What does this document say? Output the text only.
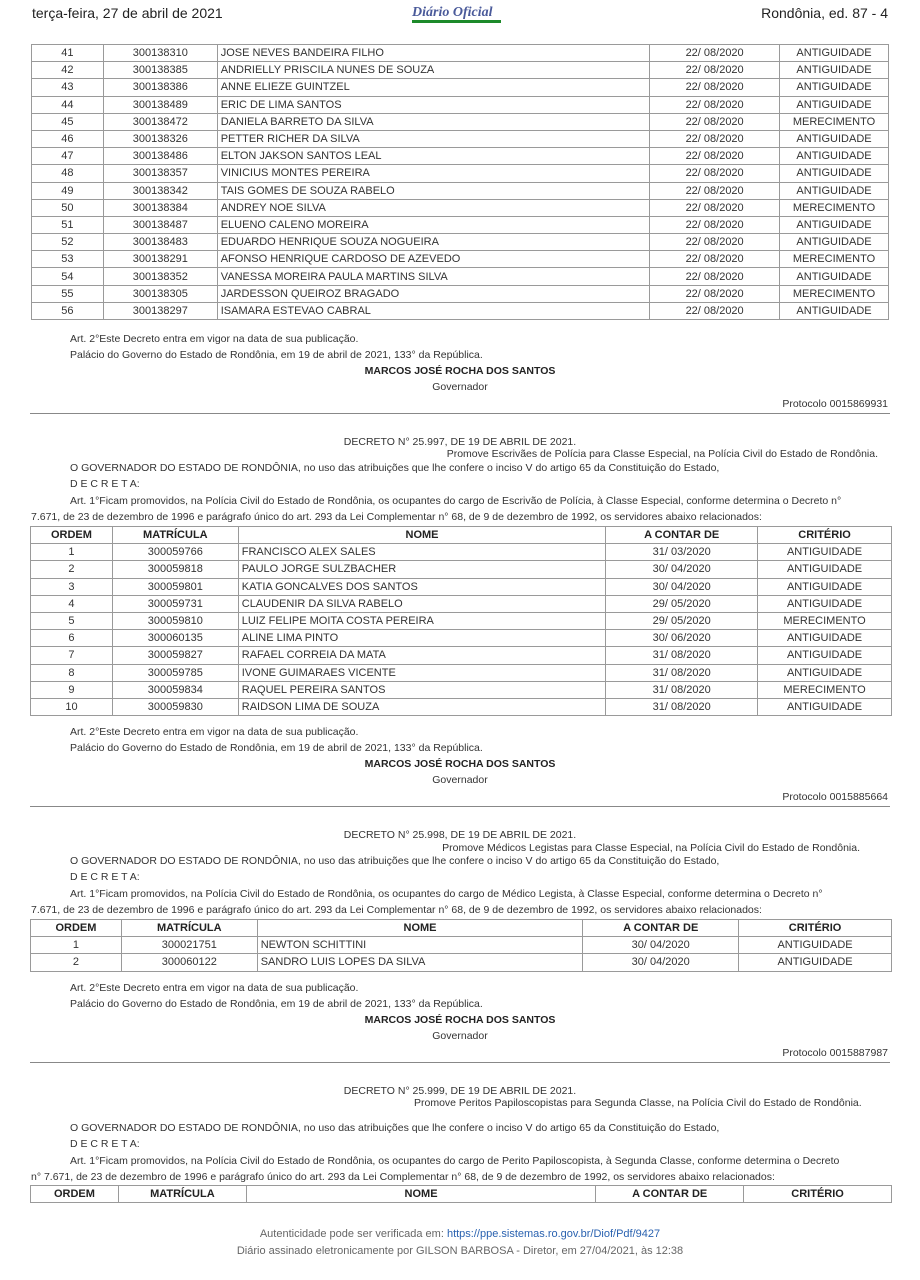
terça-feira, 27 de abril de 2021	Diário Oficial	Rondônia, ed. 87 - 4
41	300138310	JOSE NEVES BANDEIRA FILHO	22/ 08/2020	ANTIGUIDADE
42	300138385	ANDRIELLY PRISCILA NUNES DE SOUZA	22/ 08/2020	ANTIGUIDADE
43	300138386	ANNE ELIEZE GUINTZEL	22/ 08/2020	ANTIGUIDADE
44	300138489	ERIC DE LIMA SANTOS	22/ 08/2020	ANTIGUIDADE
45	300138472	DANIELA BARRETO DA SILVA	22/ 08/2020	MERECIMENTO
46	300138326	PETTER RICHER DA SILVA	22/ 08/2020	ANTIGUIDADE
47	300138486	ELTON JAKSON SANTOS LEAL	22/ 08/2020	ANTIGUIDADE
48	300138357	VINICIUS MONTES PEREIRA	22/ 08/2020	ANTIGUIDADE
49	300138342	TAIS GOMES DE SOUZA RABELO	22/ 08/2020	ANTIGUIDADE
50	300138384	ANDREY NOE SILVA	22/ 08/2020	MERECIMENTO
51	300138487	ELUENO CALENO MOREIRA	22/ 08/2020	ANTIGUIDADE
52	300138483	EDUARDO HENRIQUE SOUZA NOGUEIRA	22/ 08/2020	ANTIGUIDADE
53	300138291	AFONSO HENRIQUE CARDOSO DE AZEVEDO	22/ 08/2020	MERECIMENTO
54	300138352	VANESSA MOREIRA PAULA MARTINS SILVA	22/ 08/2020	ANTIGUIDADE
55	300138305	JARDESSON QUEIROZ BRAGADO	22/ 08/2020	MERECIMENTO
56	300138297	ISAMARA ESTEVAO CABRAL	22/ 08/2020	ANTIGUIDADE
Art. 2°Este Decreto entra em vigor na data de sua publicação.
Palácio do Governo do Estado de Rondônia, em 19 de abril de 2021, 133° da República.
MARCOS JOSÉ ROCHA DOS SANTOS
Governador
Protocolo 0015869931
DECRETO N° 25.997, DE 19 DE ABRIL DE 2021.
Promove Escrivães de Polícia para Classe Especial, na Polícia Civil do Estado de Rondônia.
O GOVERNADOR DO ESTADO DE RONDÔNIA, no uso das atribuições que lhe confere o inciso V do artigo 65 da Constituição do Estado,
D E C R E T A:
Art. 1°Ficam promovidos, na Polícia Civil do Estado de Rondônia, os ocupantes do cargo de Escrivão de Polícia, à Classe Especial, conforme determina o Decreto n°
7.671, de 23 de dezembro de 1996 e parágrafo único do art. 293 da Lei Complementar n° 68, de 9 de dezembro de 1992, os servidores abaixo relacionados:
ORDEM	MATRÍCULA	NOME	A CONTAR DE	CRITÉRIO
1	300059766	FRANCISCO ALEX SALES	31/ 03/2020	ANTIGUIDADE
2	300059818	PAULO JORGE SULZBACHER	30/ 04/2020	ANTIGUIDADE
3	300059801	KATIA GONCALVES DOS SANTOS	30/ 04/2020	ANTIGUIDADE
4	300059731	CLAUDENIR DA SILVA RABELO	29/ 05/2020	ANTIGUIDADE
5	300059810	LUIZ FELIPE MOITA COSTA PEREIRA	29/ 05/2020	MERECIMENTO
6	300060135	ALINE LIMA PINTO	30/ 06/2020	ANTIGUIDADE
7	300059827	RAFAEL CORREIA DA MATA	31/ 08/2020	ANTIGUIDADE
8	300059785	IVONE GUIMARAES VICENTE	31/ 08/2020	ANTIGUIDADE
9	300059834	RAQUEL PEREIRA SANTOS	31/ 08/2020	MERECIMENTO
10	300059830	RAIDSON LIMA DE SOUZA	31/ 08/2020	ANTIGUIDADE
Art. 2°Este Decreto entra em vigor na data de sua publicação.
Palácio do Governo do Estado de Rondônia, em 19 de abril de 2021, 133° da República.
MARCOS JOSÉ ROCHA DOS SANTOS
Governador
Protocolo 0015885664
DECRETO N° 25.998, DE 19 DE ABRIL DE 2021.
Promove Médicos Legistas para Classe Especial, na Polícia Civil do Estado de Rondônia.
O GOVERNADOR DO ESTADO DE RONDÔNIA, no uso das atribuições que lhe confere o inciso V do artigo 65 da Constituição do Estado,
D E C R E T A:
Art. 1°Ficam promovidos, na Polícia Civil do Estado de Rondônia, os ocupantes do cargo de Médico Legista, à Classe Especial, conforme determina o Decreto n°
7.671, de 23 de dezembro de 1996 e parágrafo único do art. 293 da Lei Complementar n° 68, de 9 de dezembro de 1992, os servidores abaixo relacionados:
ORDEM	MATRÍCULA	NOME	A CONTAR DE	CRITÉRIO
1	300021751	NEWTON SCHITTINI	30/ 04/2020	ANTIGUIDADE
2	300060122	SANDRO LUIS LOPES DA SILVA	30/ 04/2020	ANTIGUIDADE
Art. 2°Este Decreto entra em vigor na data de sua publicação.
Palácio do Governo do Estado de Rondônia, em 19 de abril de 2021, 133° da República.
MARCOS JOSÉ ROCHA DOS SANTOS
Governador
Protocolo 0015887987
DECRETO N° 25.999, DE 19 DE ABRIL DE 2021.
Promove Peritos Papiloscopistas para Segunda Classe, na Polícia Civil do Estado de Rondônia.
O GOVERNADOR DO ESTADO DE RONDÔNIA, no uso das atribuições que lhe confere o inciso V do artigo 65 da Constituição do Estado,
D E C R E T A:
Art. 1°Ficam promovidos, na Polícia Civil do Estado de Rondônia, os ocupantes do cargo de Perito Papiloscopista, à Segunda Classe, conforme determina o Decreto
n° 7.671, de 23 de dezembro de 1996 e parágrafo único do art. 293 da Lei Complementar n° 68, de 9 de dezembro de 1992, os servidores abaixo relacionados:
ORDEM	MATRÍCULA	NOME	A CONTAR DE	CRITÉRIO
Autenticidade pode ser verificada em: https://ppe.sistemas.ro.gov.br/Diof/Pdf/9427
Diário assinado eletronicamente por GILSON BARBOSA - Diretor, em 27/04/2021, às 12:38
